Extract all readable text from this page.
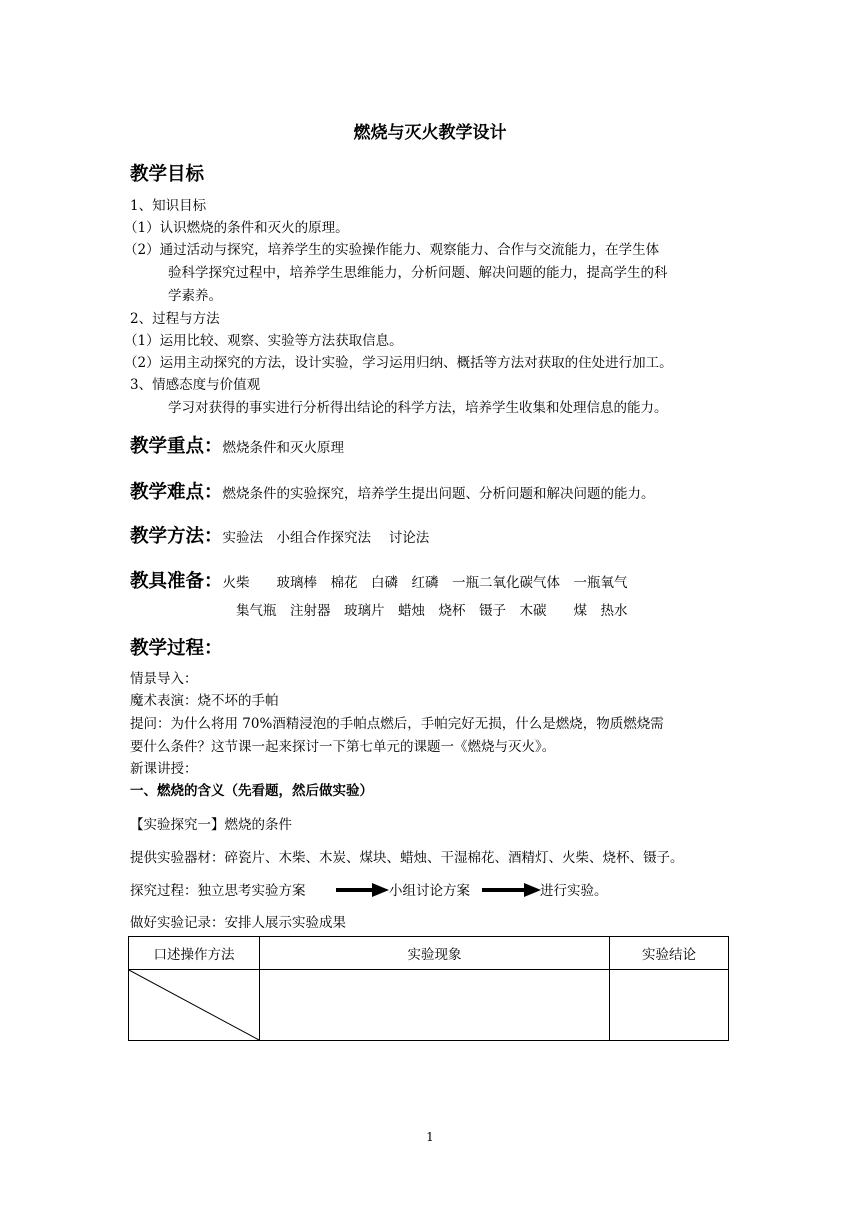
燃烧与灭火教学设计
教学目标
1、知识目标
（1）认识燃烧的条件和灭火的原理。
（2）通过活动与探究，培养学生的实验操作能力、观察能力、合作与交流能力，在学生体
验科学探究过程中，培养学生思维能力，分析问题、解决问题的能力，提高学生的科
学素养。
2、过程与方法
（1）运用比较、观察、实验等方法获取信息。
（2）运用主动探究的方法，设计实验，学习运用归纳、概括等方法对获取的住处进行加工。
3、情感态度与价值观
学习对获得的事实进行分析得出结论的科学方法，培养学生收集和处理信息的能力。
教学重点：燃烧条件和灭火原理
教学难点：燃烧条件的实验探究，培养学生提出问题、分析问题和解决问题的能力。
教学方法：实验法　小组合作探究法　 讨论法
教具准备：火柴　　玻璃棒　棉花　白磷　红磷　一瓶二氧化碳气体　一瓶氧气
集气瓶　注射器　玻璃片　蜡烛　烧杯　镊子　木碳　　煤　热水
教学过程：
情景导入：
魔术表演：烧不坏的手帕
提问：为什么将用 70%酒精浸泡的手帕点燃后，手帕完好无损，什么是燃烧，物质燃烧需
要什么条件？这节课一起来探讨一下第七单元的课题一《燃烧与灭火》。
新课讲授：
一、燃烧的含义（先看题，然后做实验）
【实验探究一】燃烧的条件
提供实验器材：碎瓷片、木柴、木炭、煤块、蜡烛、干湿棉花、酒精灯、火柴、烧杯、镊子。
探究过程：独立思考实验方案	小组讨论方案	进行实验。
做好实验记录：安排人展示实验成果
口述操作方法	实验现象	实验结论

1
